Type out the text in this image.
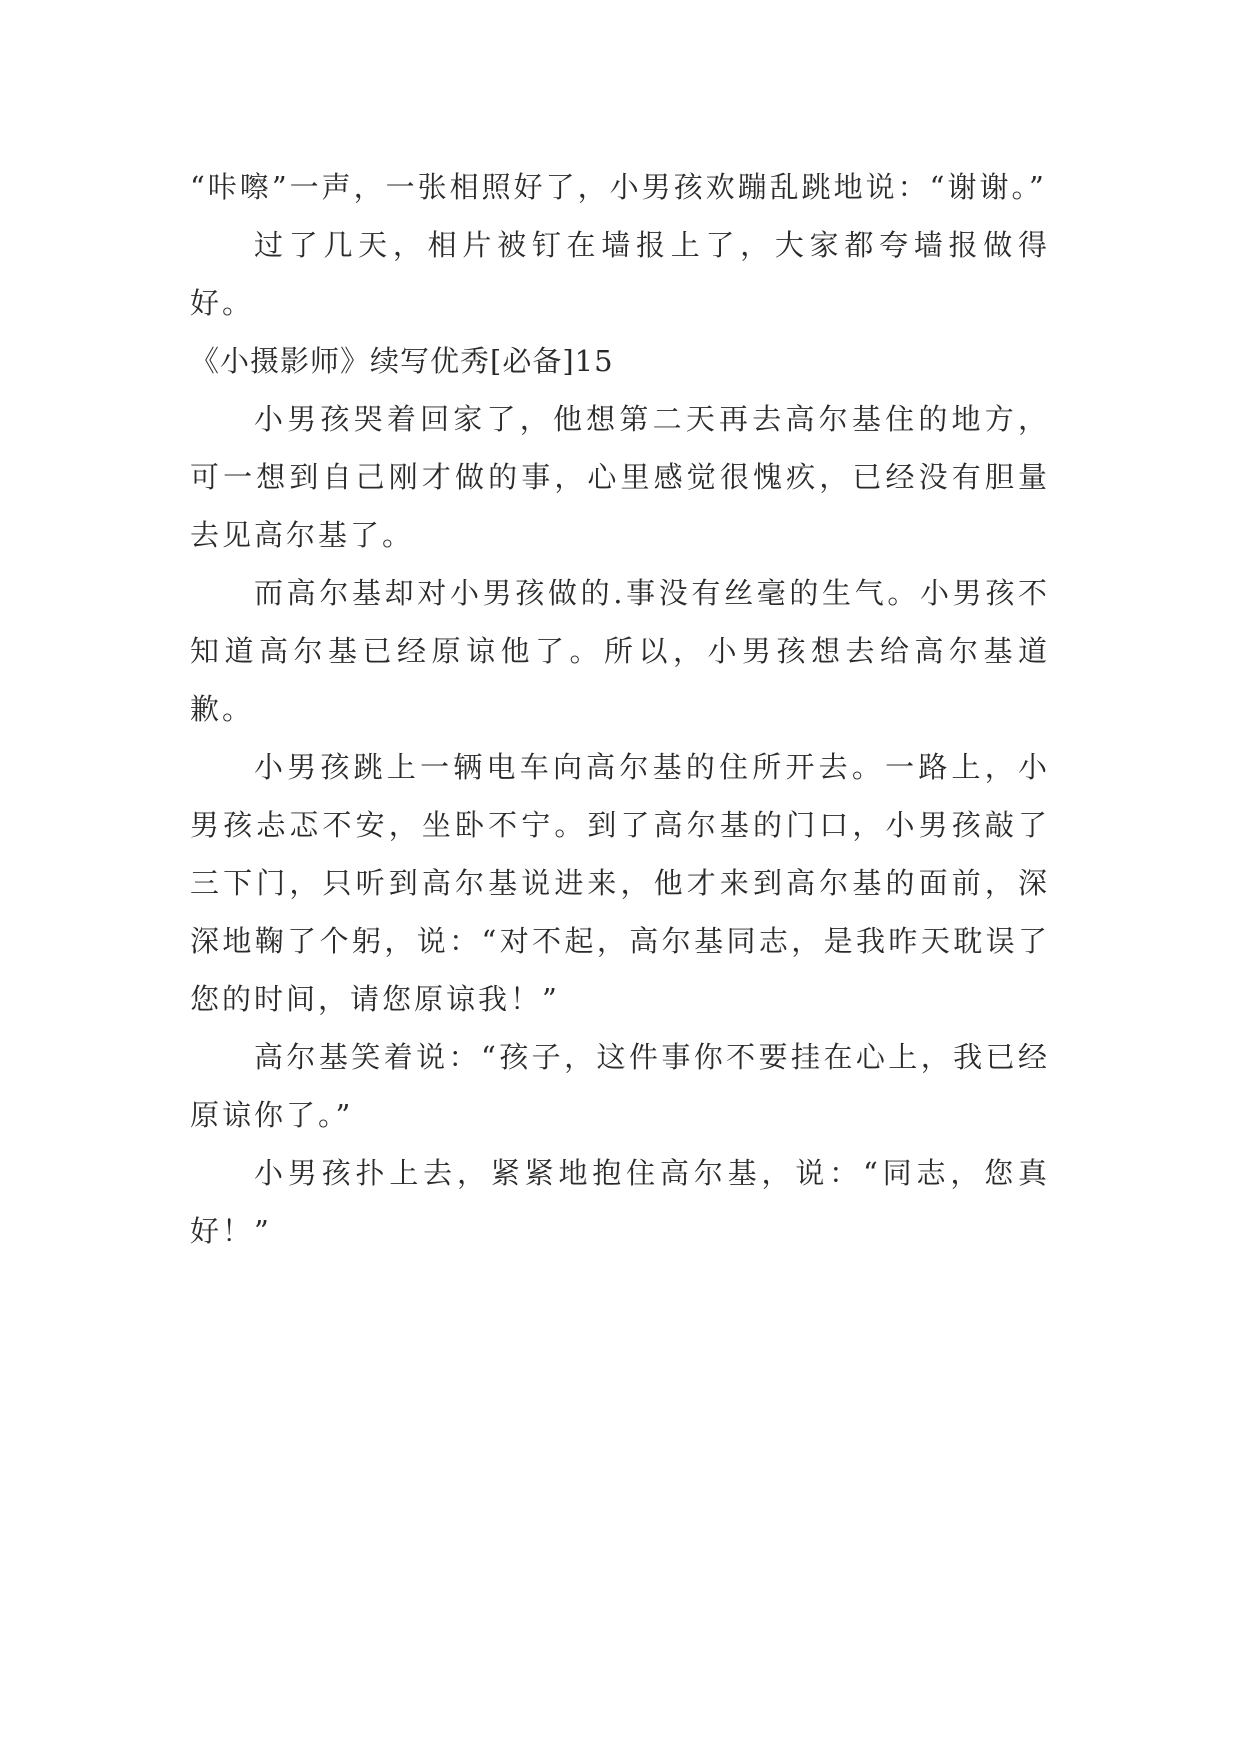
“咔嚓”一声，一张相照好了，小男孩欢蹦乱跳地说：“谢谢。”

过了几天，相片被钉在墙报上了，大家都夸墙报做得好。

《小摄影师》续写优秀[必备]15

小男孩哭着回家了，他想第二天再去高尔基住的地方，可一想到自己刚才做的事，心里感觉很愧疚，已经没有胆量去见高尔基了。

而高尔基却对小男孩做的.事没有丝毫的生气。小男孩不知道高尔基已经原谅他了。所以，小男孩想去给高尔基道歉。

小男孩跳上一辆电车向高尔基的住所开去。一路上，小男孩忐忑不安，坐卧不宁。到了高尔基的门口，小男孩敲了三下门，只听到高尔基说进来，他才来到高尔基的面前，深深地鞠了个躬，说：“对不起，高尔基同志，是我昨天耽误了您的时间，请您原谅我！”

高尔基笑着说：“孩子，这件事你不要挂在心上，我已经原谅你了。”

小男孩扑上去，紧紧地抱住高尔基，说：“同志，您真好！”
